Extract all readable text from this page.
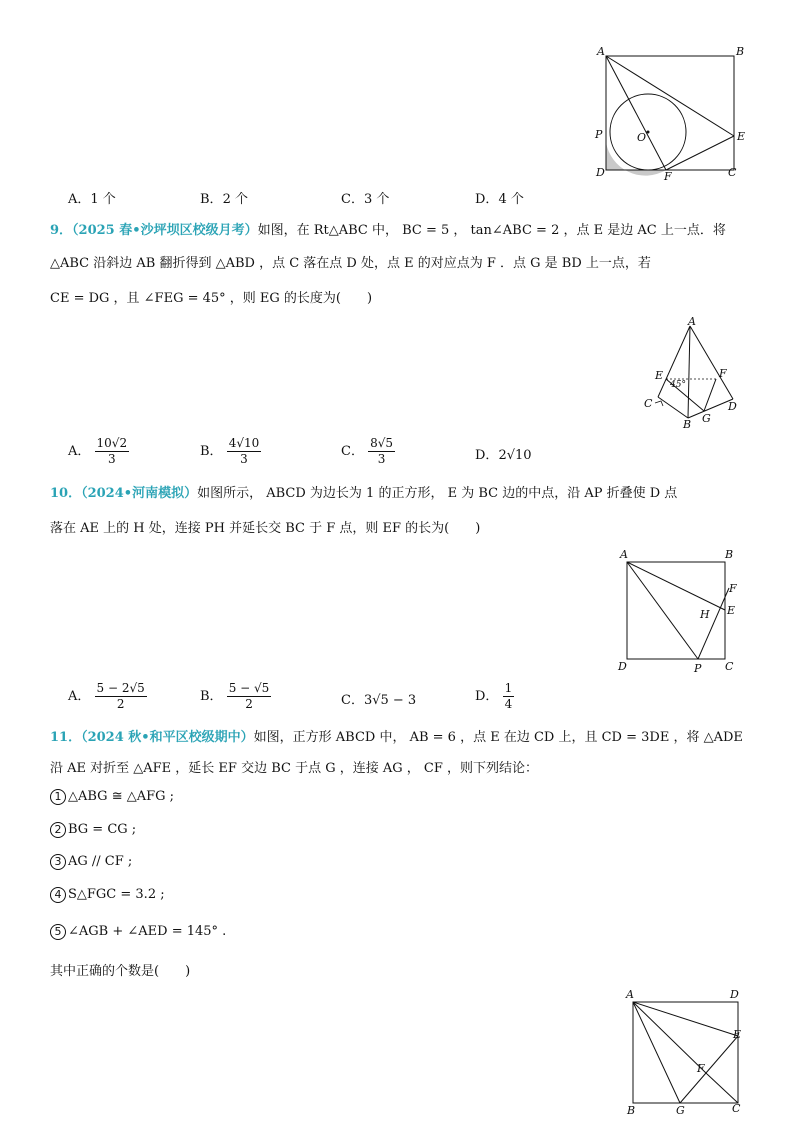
A	B
P	O	E
D	F	C
A．1 个	B．2 个	C．3 个	D．4 个
9．（2025 春•沙坪坝区校级月考）如图，在 Rt△ABC 中， BC = 5 ， tan∠ABC = 2 ，点 E 是边 AC 上一点．将
△ABC 沿斜边 AB 翻折得到 △ABD ，点 C 落在点 D 处，点 E 的对应点为 F ．点 G 是 BD 上一点，若
CE = DG ，且 ∠FEG = 45° ，则 EG 的长度为(　　)
A
E
45°
F
C	D
G
B
A． $\frac{10√2}{3}$	B． $\frac{4√10}{3}$	C． $\frac{8√5}{3}$	D．2√10
10．（2024•河南模拟）如图所示， ABCD 为边长为 1 的正方形， E 为 BC 边的中点，沿 AP 折叠使 D 点
落在 AE 上的 H 处，连接 PH 并延长交 BC 于 F 点，则 EF 的长为(　　)
A	B
F
H E
D	P C
A． $\frac{5 - 2√5}{2}$	B． $\frac{5 - √5}{2}$	C．3√5 − 3	D． $\frac{1}{4}$
11．（2024 秋•和平区校级期中）如图，正方形 ABCD 中， AB = 6 ，点 E 在边 CD 上，且 CD = 3DE ，将 △ADE
沿 AE 对折至 △AFE ，延长 EF 交边 BC 于点 G ，连接 AG ， CF ，则下列结论：
1 △ABG ≅ △AFG ;
2 BG = CG ;
3 AG // CF ;
4 S△FGC = 3.2 ;
5 ∠AGB + ∠AED = 145° .
其中正确的个数是(　　)
A	D
E
F
B	G	C
